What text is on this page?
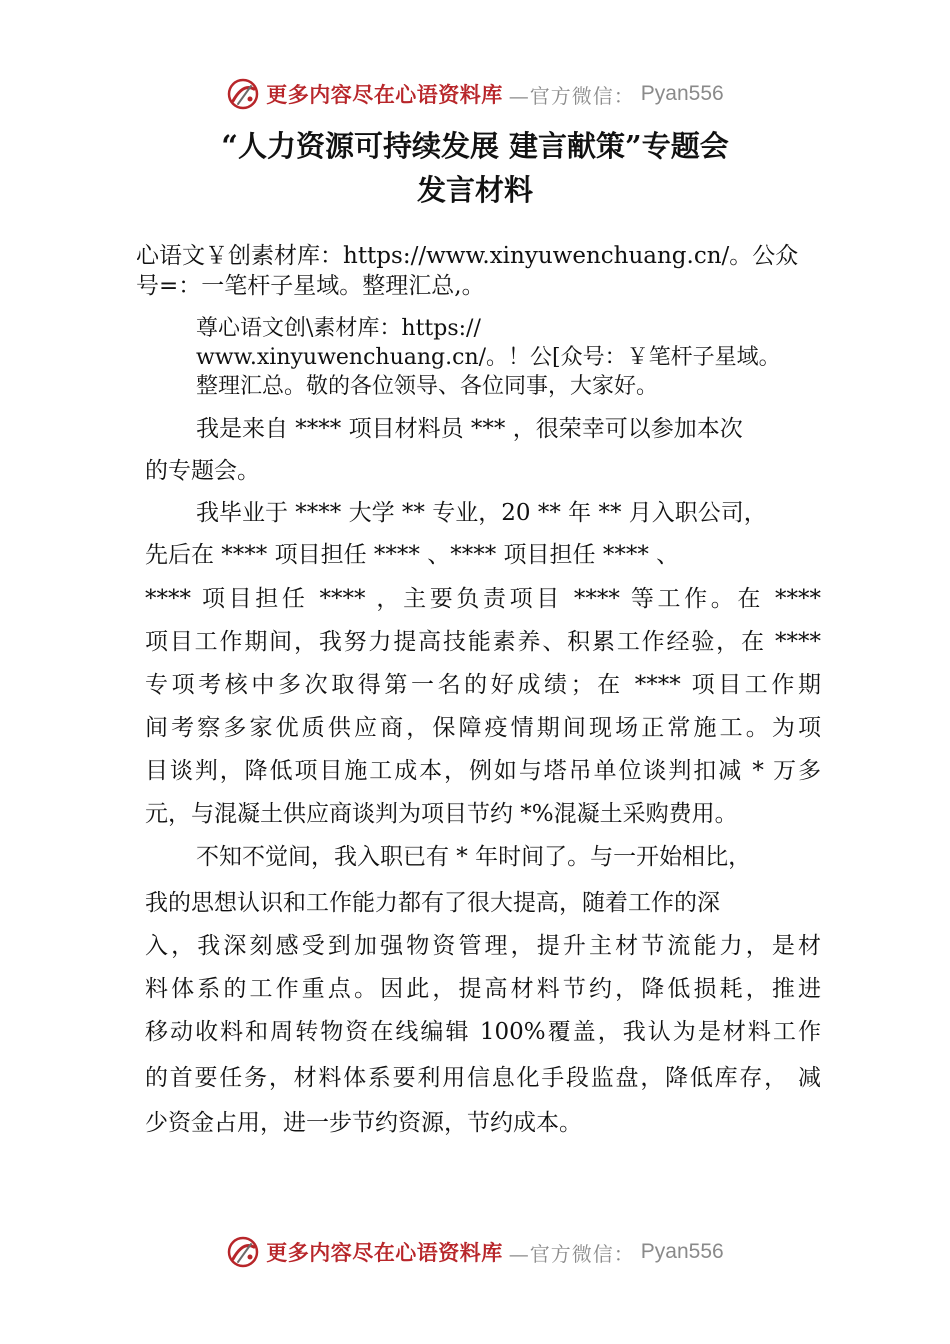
更多内容尽在心语资料库 —官方微信： Pyan556
“人力资源可持续发展 建言献策”专题会
发言材料
心语文￥创素材库：https://www.xinyuwenchuang.cn/。公众
号=：一笔杆子星域。整理汇总,。
尊心语文创\素材库：https://
www.xinyuwenchuang.cn/。！公[众号：￥笔杆子星域。
整理汇总。敬的各位领导、各位同事，大家好。
我是来自 **** 项目材料员 *** ，很荣幸可以参加本次
的专题会。
我毕业于 **** 大学 ** 专业，20 ** 年 ** 月入职公司，
先后在 **** 项目担任 **** 、**** 项目担任 **** 、
**** 项目担任 **** ，主要负责项目 **** 等工作。在 ****
项目工作期间，我努力提高技能素养、积累工作经验，在 ****
专项考核中多次取得第一名的好成绩；在 **** 项目工作期
间考察多家优质供应商，保障疫情期间现场正常施工。为项
目谈判，降低项目施工成本，例如与塔吊单位谈判扣减 * 万多
元，与混凝土供应商谈判为项目节约 *%混凝土采购费用。
不知不觉间，我入职已有 * 年时间了。与一开始相比，
我的思想认识和工作能力都有了很大提高，随着工作的深
入，我深刻感受到加强物资管理，提升主材节流能力，是材
料体系的工作重点。因此，提高材料节约，降低损耗，推进
移动收料和周转物资在线编辑 100%覆盖，我认为是材料工作
的首要任务，材料体系要利用信息化手段监盘，降低库存， 减
少资金占用，进一步节约资源，节约成本。
更多内容尽在心语资料库 —官方微信： Pyan556
